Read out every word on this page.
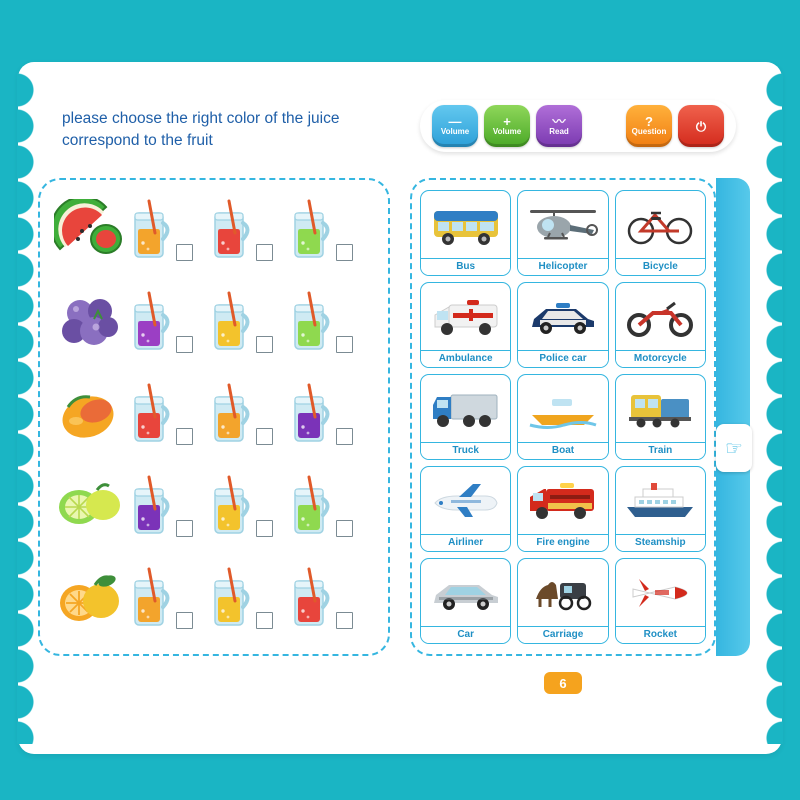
please choose the right color of the juice correspond to the fruit
—
Volume
+
Volume
〰
Read
?
Question ⏻
Bus	Helicopter	Bicycle
Ambulance	Police car	Motorcycle
Truck	Boat	Train
Airliner	Fire engine	Steamship
Car	Carriage	Rocket
☞
6
